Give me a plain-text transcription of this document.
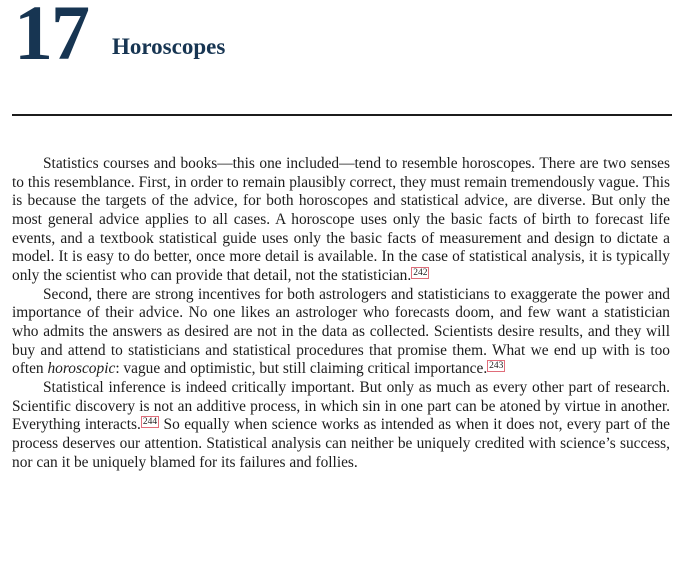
17 Horoscopes

Statistics courses and books—this one included—tend to resemble horoscopes. There are two senses to this resemblance. First, in order to remain plausibly correct, they must remain tremendously vague. This is because the targets of the advice, for both horoscopes and statistical advice, are diverse. But only the most general advice applies to all cases. A horoscope uses only the basic facts of birth to forecast life events, and a textbook statistical guide uses only the basic facts of measurement and design to dictate a model. It is easy to do better, once more detail is available. In the case of statistical analysis, it is typically only the scientist who can provide that detail, not the statistician. $^{242}$

Second, there are strong incentives for both astrologers and statisticians to exaggerate the power and importance of their advice. No one likes an astrologer who forecasts doom, and few want a statistician who admits the answers as desired are not in the data as collected. Scientists desire results, and they will buy and attend to statisticians and statistical procedures that promise them. What we end up with is too often horoscopic: vague and optimistic, but still claiming critical importance. $^{243}$

Statistical inference is indeed critically important. But only as much as every other part of research. Scientific discovery is not an additive process, in which sin in one part can be atoned by virtue in another. Everything interacts. $^{244}$ So equally when science works as intended as when it does not, every part of the process deserves our attention. Statistical analysis can neither be uniquely credited with science’s success, nor can it be uniquely blamed for its failures and follies.
